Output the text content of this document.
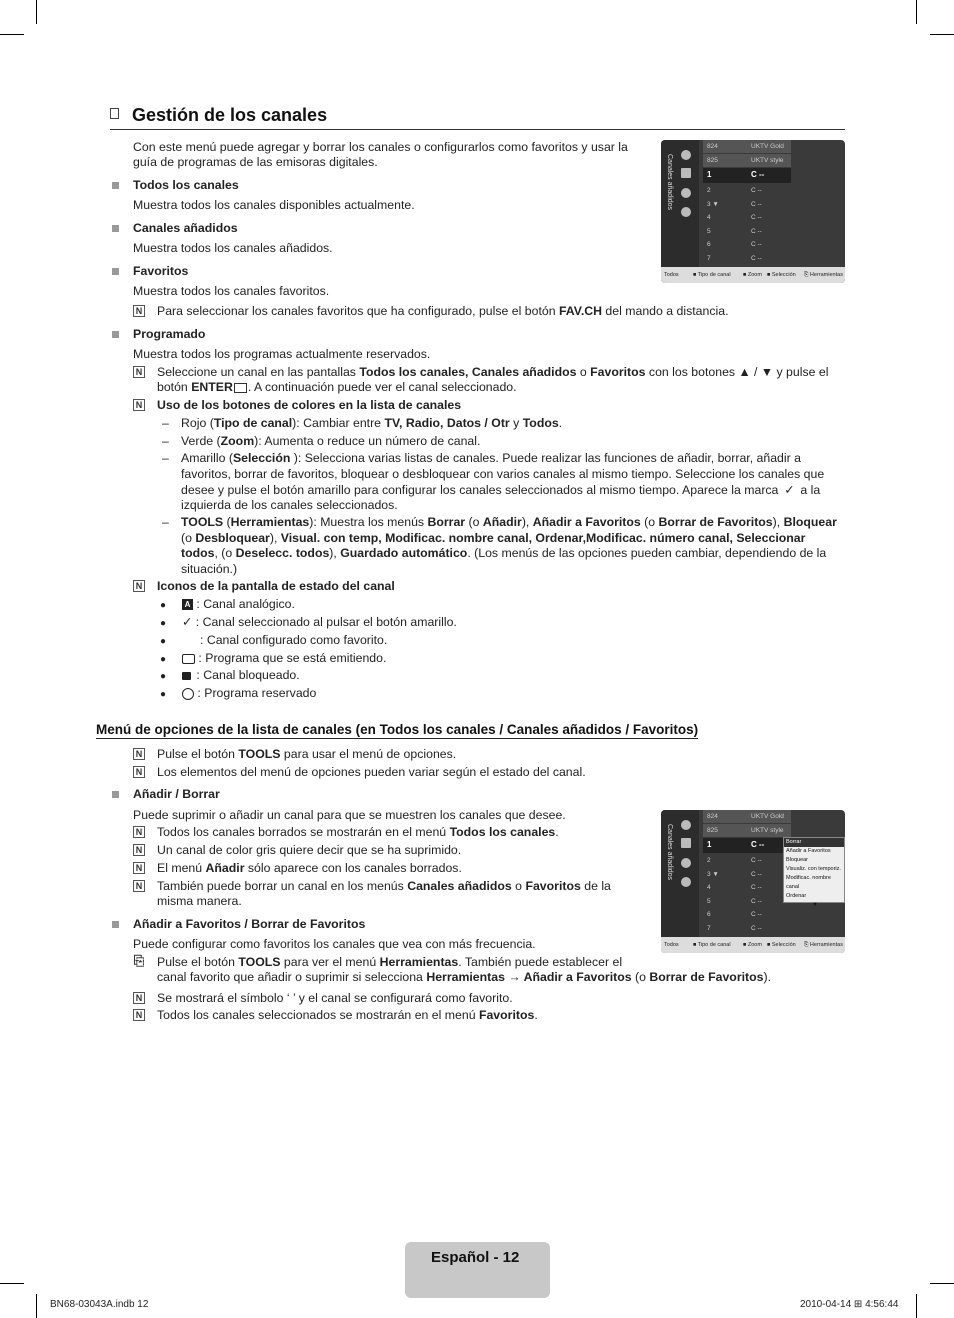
Gestión de los canales
Con este menú puede agregar y borrar los canales o configurarlos como favoritos y usar la
guía de programas de las emisoras digitales.
Todos los canales
Muestra todos los canales disponibles actualmente.
Canales añadidos
Muestra todos los canales añadidos.
Favoritos
Muestra todos los canales favoritos.
N Para seleccionar los canales favoritos que ha configurado, pulse el botón FAV.CH del mando a distancia.
Programado
Muestra todos los programas actualmente reservados.
N Seleccione un canal en las pantallas Todos los canales, Canales añadidos o Favoritos con los botones ▲ / ▼ y pulse el
botón ENTER . A continuación puede ver el canal seleccionado.
N Uso de los botones de colores en la lista de canales
– Rojo (Tipo de canal): Cambiar entre TV, Radio, Datos / Otr y Todos.
– Verde (Zoom): Aumenta o reduce un número de canal.
– Amarillo (Selección ): Selecciona varias listas de canales. Puede realizar las funciones de añadir, borrar, añadir a
favoritos, borrar de favoritos, bloquear o desbloquear con varios canales al mismo tiempo. Seleccione los canales que
desee y pulse el botón amarillo para configurar los canales seleccionados al mismo tiempo. Aparece la marca ✓ a la
izquierda de los canales seleccionados.
– TOOLS (Herramientas): Muestra los menús Borrar (o Añadir), Añadir a Favoritos (o Borrar de Favoritos), Bloquear
(o Desbloquear), Visual. con temp, Modificac. nombre canal, Ordenar,Modificac. número canal, Seleccionar
todos, (o Deselecc. todos), Guardado automático. (Los menús de las opciones pueden cambiar, dependiendo de la
situación.)
N Iconos de la pantalla de estado del canal
●	A : Canal analógico.
● ✓ : Canal seleccionado al pulsar el botón amarillo.
●	: Canal configurado como favorito.
●	: Programa que se está emitiendo.
●	: Canal bloqueado.
●	: Programa reservado
Menú de opciones de la lista de canales (en Todos los canales / Canales añadidos / Favoritos)
N Pulse el botón TOOLS para usar el menú de opciones.
N Los elementos del menú de opciones pueden variar según el estado del canal.
Añadir / Borrar
Puede suprimir o añadir un canal para que se muestren los canales que desee.
N Todos los canales borrados se mostrarán en el menú Todos los canales.
N Un canal de color gris quiere decir que se ha suprimido.
N El menú Añadir sólo aparece con los canales borrados.
N También puede borrar un canal en los menús Canales añadidos o Favoritos de la
misma manera.
Añadir a Favoritos / Borrar de Favoritos
Puede configurar como favoritos los canales que vea con más frecuencia.
⎘ Pulse el botón TOOLS para ver el menú Herramientas. También puede establecer el
canal favorito que añadir o suprimir si selecciona Herramientas → Añadir a Favoritos (o Borrar de Favoritos).
N Se mostrará el símbolo ‘ ’ y el canal se configurará como favorito.
N Todos los canales seleccionados se mostrarán en el menú Favoritos.
Canales añadidos
824	UKTV Gold
825	UKTV style
1	C --
2	C --
3 ▼	C --
4	C --
5	C --
6	C --
7	C --
Todos	■ Tipo de canal ■ Zoom ■ Selección ⎘ Herramientas
Canales añadidos
824	UKTV Gold
825	UKTV style
1	C --
2	C --
3 ▼	C --
4	C --
5	C --
6	C --
7	C --
Borrar
Añadir a Favoritos
Bloquear
Visualiz. con temporiz.
Modificac. nombre canal
Ordenar
▼
Todos	■ Tipo de canal ■ Zoom ■ Selección ⎘ Herramientas
Español - 12
BN68-03043A.indb 12	2010-04-14 ⊞ 4:56:44
